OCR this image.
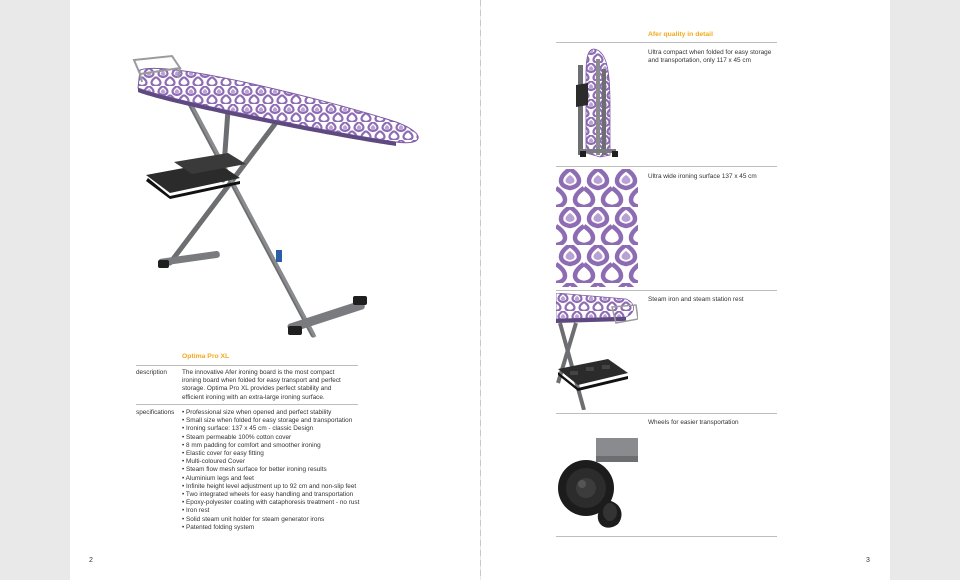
Optima Pro XL
description The innovative Afer ironing board is the most compact ironing board when folded for easy transport and perfect storage. Optima Pro XL provides perfect stability and efficient ironing with an extra-large ironing surface.
specifications
•	Professional size when opened and perfect stability
• Small size when folded for easy storage and transportation
• Ironing surface: 137 x 45 cm - classic Design
• Steam permeable 100% cotton cover
• 8 mm padding for comfort and smoother ironing
• Elastic cover for easy fitting
• Multi-coloured Cover
• Steam flow mesh surface for better ironing results
• Aluminium legs and feet
• Infinite height level adjustment up to 92 cm and non-slip feet
• Two integrated wheels for easy handling and transportation
• Epoxy-polyester coating with cataphoresis treatment - no rust
• Iron rest
• Solid steam unit holder for steam generator irons
• Patented folding system
2
Afer quality in detail
Ultra compact when folded for easy storage and transportation, only 117 x 45 cm
Ultra wide ironing surface 137 x 45 cm
Steam iron and steam station rest
Wheels for easier transportation
3
